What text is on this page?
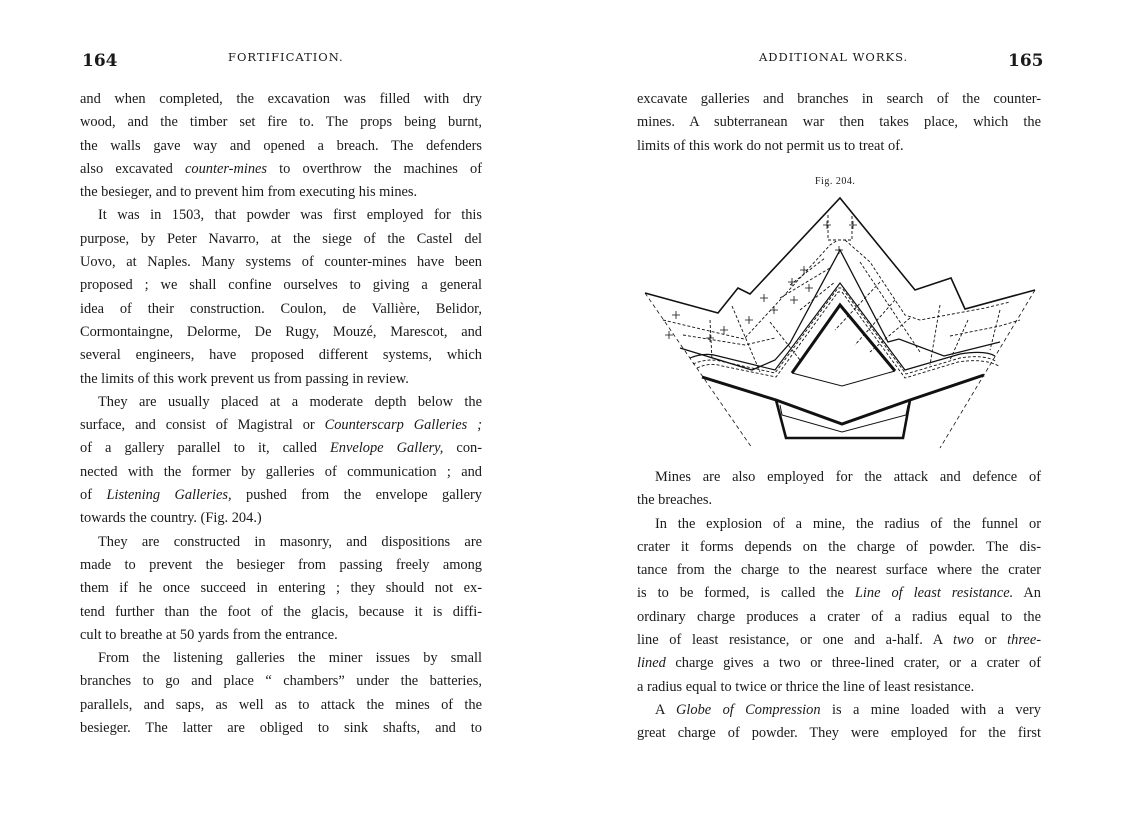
164	FORTIFICATION.
and when completed, the excavation was filled with dry
wood, and the timber set fire to. The props being burnt,
the walls gave way and opened a breach. The defenders
also excavated counter-mines to overthrow the machines of
the besieger, and to prevent him from executing his mines.
It was in 1503, that powder was first employed for this
purpose, by Peter Navarro, at the siege of the Castel del
Uovo, at Naples. Many systems of counter-mines have been
proposed ; we shall confine ourselves to giving a general
idea of their construction. Coulon, de Vallière, Belidor,
Cormontaingne, Delorme, De Rugy, Mouzé, Marescot, and
several engineers, have proposed different systems, which
the limits of this work prevent us from passing in review.
They are usually placed at a moderate depth below the
surface, and consist of Magistral or Counterscarp Galleries ;
of a gallery parallel to it, called Envelope Gallery, con-
nected with the former by galleries of communication ; and
of Listening Galleries, pushed from the envelope gallery
towards the country. (Fig. 204.)
They are constructed in masonry, and dispositions are
made to prevent the besieger from passing freely among
them if he once succeed in entering ; they should not ex-
tend further than the foot of the glacis, because it is diffi-
cult to breathe at 50 yards from the entrance.
From the listening galleries the miner issues by small
branches to go and place “ chambers” under the batteries,
parallels, and saps, as well as to attack the mines of the
besieger. The latter are obliged to sink shafts, and to
ADDITIONAL WORKS.	165
excavate galleries and branches in search of the counter-
mines. A subterranean war then takes place, which the
limits of this work do not permit us to treat of.
Fig. 204.
Mines are also employed for the attack and defence of
the breaches.
In the explosion of a mine, the radius of the funnel or
crater it forms depends on the charge of powder. The dis-
tance from the charge to the nearest surface where the crater
is to be formed, is called the Line of least resistance. An
ordinary charge produces a crater of a radius equal to the
line of least resistance, or one and a-half. A two or three-
lined charge gives a two or three-lined crater, or a crater of
a radius equal to twice or thrice the line of least resistance.
A Globe of Compression is a mine loaded with a very
great charge of powder. They were employed for the first
